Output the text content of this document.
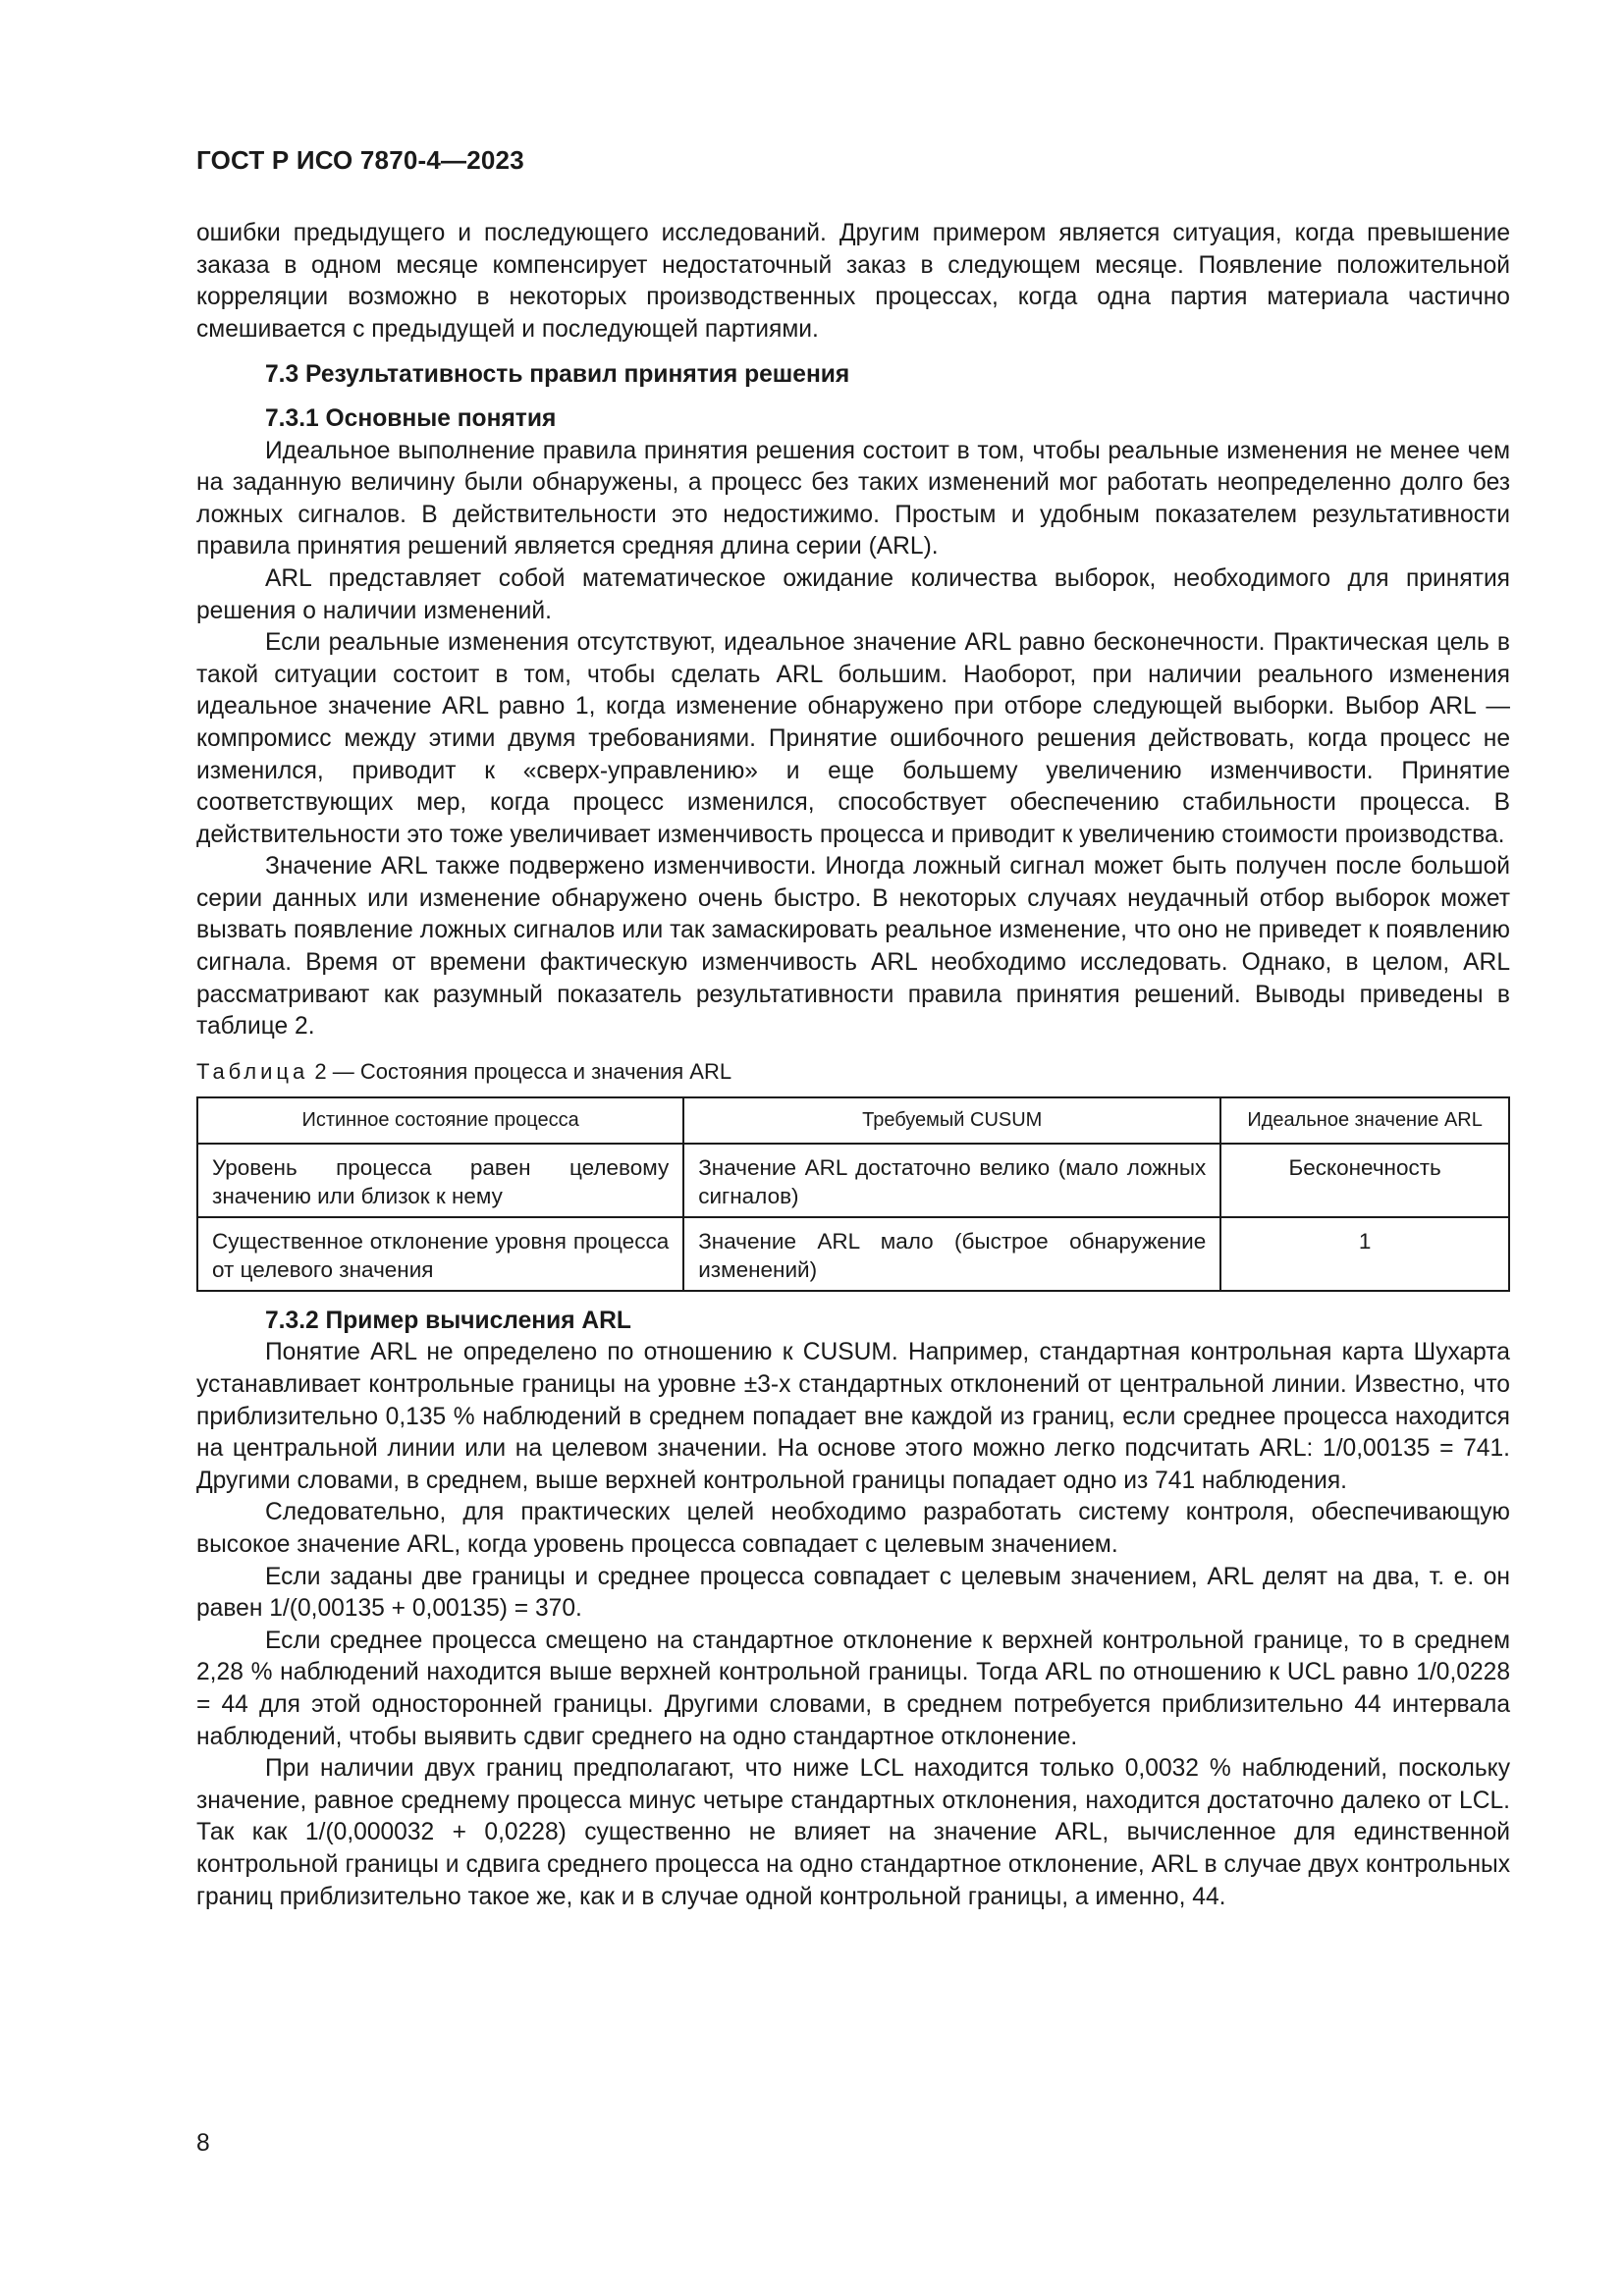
ГОСТ Р ИСО 7870-4—2023

ошибки предыдущего и последующего исследований. Другим примером является ситуация, когда превышение заказа в одном месяце компенсирует недостаточный заказ в следующем месяце. Появление положительной корреляции возможно в некоторых производственных процессах, когда одна партия материала частично смешивается с предыдущей и последующей партиями.

7.3 Результативность правил принятия решения
7.3.1 Основные понятия

Идеальное выполнение правила принятия решения состоит в том, чтобы реальные изменения не менее чем на заданную величину были обнаружены, а процесс без таких изменений мог работать неопределенно долго без ложных сигналов. В действительности это недостижимо. Простым и удобным показателем результативности правила принятия решений является средняя длина серии (ARL).

ARL представляет собой математическое ожидание количества выборок, необходимого для принятия решения о наличии изменений.

Если реальные изменения отсутствуют, идеальное значение ARL равно бесконечности. Практическая цель в такой ситуации состоит в том, чтобы сделать ARL большим. Наоборот, при наличии реального изменения идеальное значение ARL равно 1, когда изменение обнаружено при отборе следующей выборки. Выбор ARL — компромисс между этими двумя требованиями. Принятие ошибочного решения действовать, когда процесс не изменился, приводит к «сверх-управлению» и еще большему увеличению изменчивости. Принятие соответствующих мер, когда процесс изменился, способствует обеспечению стабильности процесса. В действительности это тоже увеличивает изменчивость процесса и приводит к увеличению стоимости производства.

Значение ARL также подвержено изменчивости. Иногда ложный сигнал может быть получен после большой серии данных или изменение обнаружено очень быстро. В некоторых случаях неудачный отбор выборок может вызвать появление ложных сигналов или так замаскировать реальное изменение, что оно не приведет к появлению сигнала. Время от времени фактическую изменчивость ARL необходимо исследовать. Однако, в целом, ARL рассматривают как разумный показатель результативности правила принятия решений. Выводы приведены в таблице 2.

Таблица 2 — Состояния процесса и значения ARL
Истинное состояние процесса	Требуемый CUSUM	Идеальное значение ARL
Уровень процесса равен целевому значению или близок к нему	Значение ARL достаточно велико (мало ложных сигналов)	Бесконечность
Существенное отклонение уровня процесса от целевого значения	Значение ARL мало (быстрое обнаружение изменений)	1
7.3.2 Пример вычисления ARL

Понятие ARL не определено по отношению к CUSUM. Например, стандартная контрольная карта Шухарта устанавливает контрольные границы на уровне ±3-х стандартных отклонений от центральной линии. Известно, что приблизительно 0,135 % наблюдений в среднем попадает вне каждой из границ, если среднее процесса находится на центральной линии или на целевом значении. На основе этого можно легко подсчитать ARL: 1/0,00135 = 741. Другими словами, в среднем, выше верхней контрольной границы попадает одно из 741 наблюдения.

Следовательно, для практических целей необходимо разработать систему контроля, обеспечивающую высокое значение ARL, когда уровень процесса совпадает с целевым значением.

Если заданы две границы и среднее процесса совпадает с целевым значением, ARL делят на два, т. е. он равен 1/(0,00135 + 0,00135) = 370.

Если среднее процесса смещено на стандартное отклонение к верхней контрольной границе, то в среднем 2,28 % наблюдений находится выше верхней контрольной границы. Тогда ARL по отношению к UCL равно 1/0,0228 = 44 для этой односторонней границы. Другими словами, в среднем потребуется приблизительно 44 интервала наблюдений, чтобы выявить сдвиг среднего на одно стандартное отклонение.

При наличии двух границ предполагают, что ниже LCL находится только 0,0032 % наблюдений, поскольку значение, равное среднему процесса минус четыре стандартных отклонения, находится достаточно далеко от LCL. Так как 1/(0,000032 + 0,0228) существенно не влияет на значение ARL, вычисленное для единственной контрольной границы и сдвига среднего процесса на одно стандартное отклонение, ARL в случае двух контрольных границ приблизительно такое же, как и в случае одной контрольной границы, а именно, 44.

8
